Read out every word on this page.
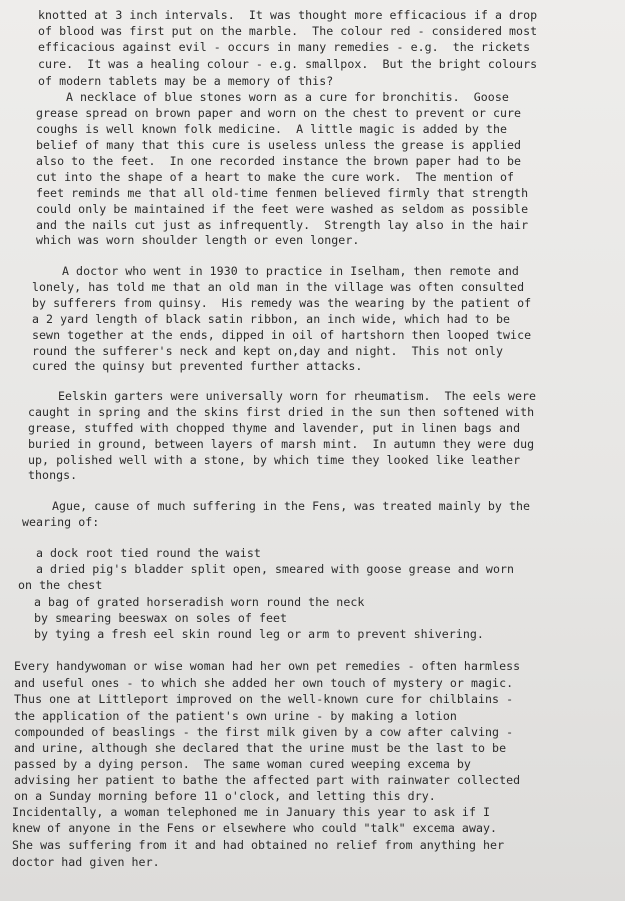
knotted at 3 inch intervals.  It was thought more efficacious if a drop
of blood was first put on the marble.  The colour red - considered most
efficacious against evil - occurs in many remedies - e.g.  the rickets
cure.  It was a healing colour - e.g. smallpox.  But the bright colours
of modern tablets may be a memory of this?
A necklace of blue stones worn as a cure for bronchitis.  Goose
grease spread on brown paper and worn on the chest to prevent or cure
coughs is well known folk medicine.  A little magic is added by the
belief of many that this cure is useless unless the grease is applied
also to the feet.  In one recorded instance the brown paper had to be
cut into the shape of a heart to make the cure work.  The mention of
feet reminds me that all old-time fenmen believed firmly that strength
could only be maintained if the feet were washed as seldom as possible
and the nails cut just as infrequently.  Strength lay also in the hair
which was worn shoulder length or even longer.
A doctor who went in 1930 to practice in Iselham, then remote and
lonely, has told me that an old man in the village was often consulted
by sufferers from quinsy.  His remedy was the wearing by the patient of
a 2 yard length of black satin ribbon, an inch wide, which had to be
sewn together at the ends, dipped in oil of hartshorn then looped twice
round the sufferer's neck and kept on,day and night.  This not only
cured the quinsy but prevented further attacks.
Eelskin garters were universally worn for rheumatism.  The eels were
caught in spring and the skins first dried in the sun then softened with
grease, stuffed with chopped thyme and lavender, put in linen bags and
buried in ground, between layers of marsh mint.  In autumn they were dug
up, polished well with a stone, by which time they looked like leather
thongs.
Ague, cause of much suffering in the Fens, was treated mainly by the
wearing of:
a dock root tied round the waist
a dried pig's bladder split open, smeared with goose grease and worn
on the chest
a bag of grated horseradish worn round the neck
by smearing beeswax on soles of feet
by tying a fresh eel skin round leg or arm to prevent shivering.
Every handywoman or wise woman had her own pet remedies - often harmless
and useful ones - to which she added her own touch of mystery or magic.
Thus one at Littleport improved on the well-known cure for chilblains -
the application of the patient's own urine - by making a lotion
compounded of beaslings - the first milk given by a cow after calving -
and urine, although she declared that the urine must be the last to be
passed by a dying person.  The same woman cured weeping excema by
advising her patient to bathe the affected part with rainwater collected
on a Sunday morning before 11 o'clock, and letting this dry.
Incidentally, a woman telephoned me in January this year to ask if I
knew of anyone in the Fens or elsewhere who could "talk" excema away.
She was suffering from it and had obtained no relief from anything her
doctor had given her.
